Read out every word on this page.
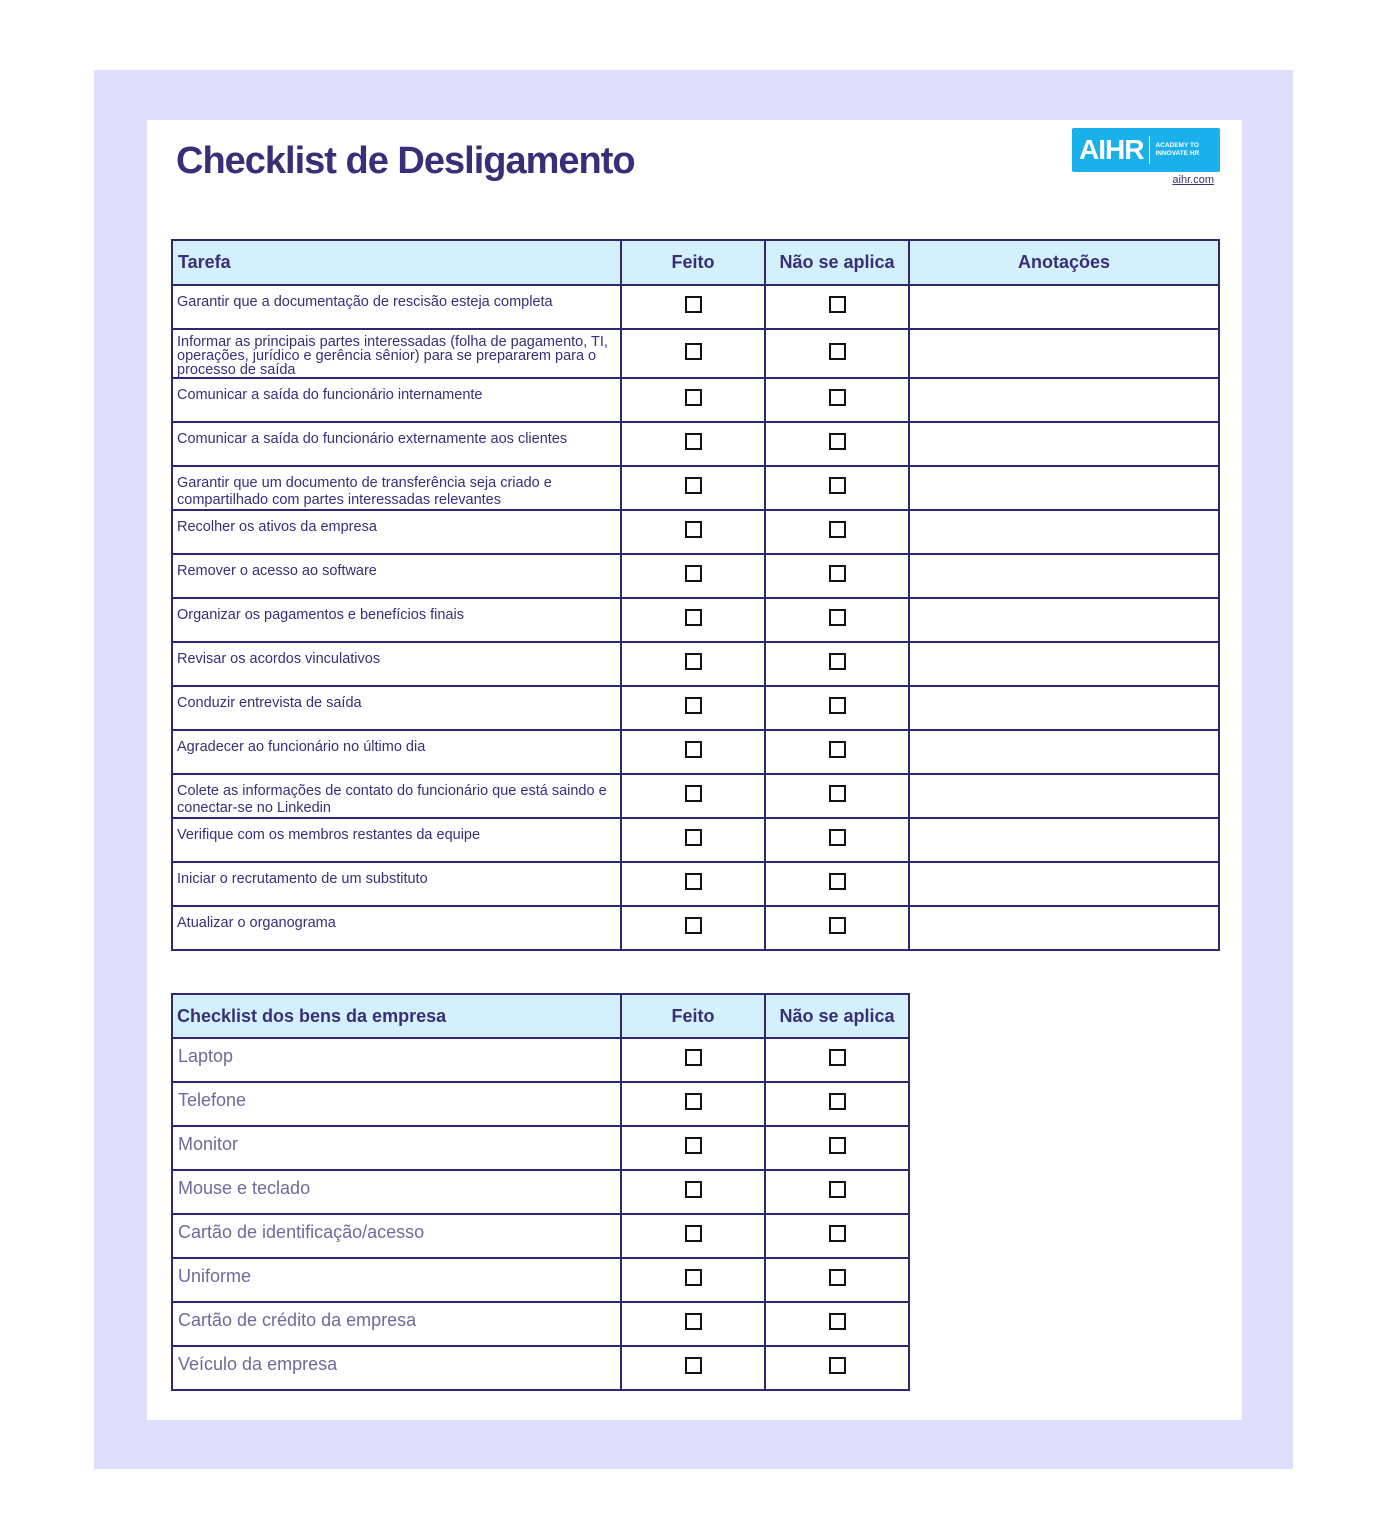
Checklist de Desligamento	AIHR ACADEMY TO INNOVATE HR
aihr.com
Tarefa	Feito	Não se aplica	Anotações
Garantir que a documentação de rescisão esteja completa			
Informar as principais partes interessadas (folha de pagamento, TI, operações, jurídico e gerência sênior) para se prepararem para o processo de saída			
Comunicar a saída do funcionário internamente			
Comunicar a saída do funcionário externamente aos clientes			
Garantir que um documento de transferência seja criado e compartilhado com partes interessadas relevantes			
Recolher os ativos da empresa			
Remover o acesso ao software			
Organizar os pagamentos e benefícios finais			
Revisar os acordos vinculativos			
Conduzir entrevista de saída			
Agradecer ao funcionário no último dia			
Colete as informações de contato do funcionário que está saindo e conectar-se no Linkedin			
Verifique com os membros restantes da equipe			
Iniciar o recrutamento de um substituto			
Atualizar o organograma			
Checklist dos bens da empresa	Feito	Não se aplica
Laptop		
Telefone		
Monitor		
Mouse e teclado		
Cartão de identificação/acesso		
Uniforme		
Cartão de crédito da empresa		
Veículo da empresa		
